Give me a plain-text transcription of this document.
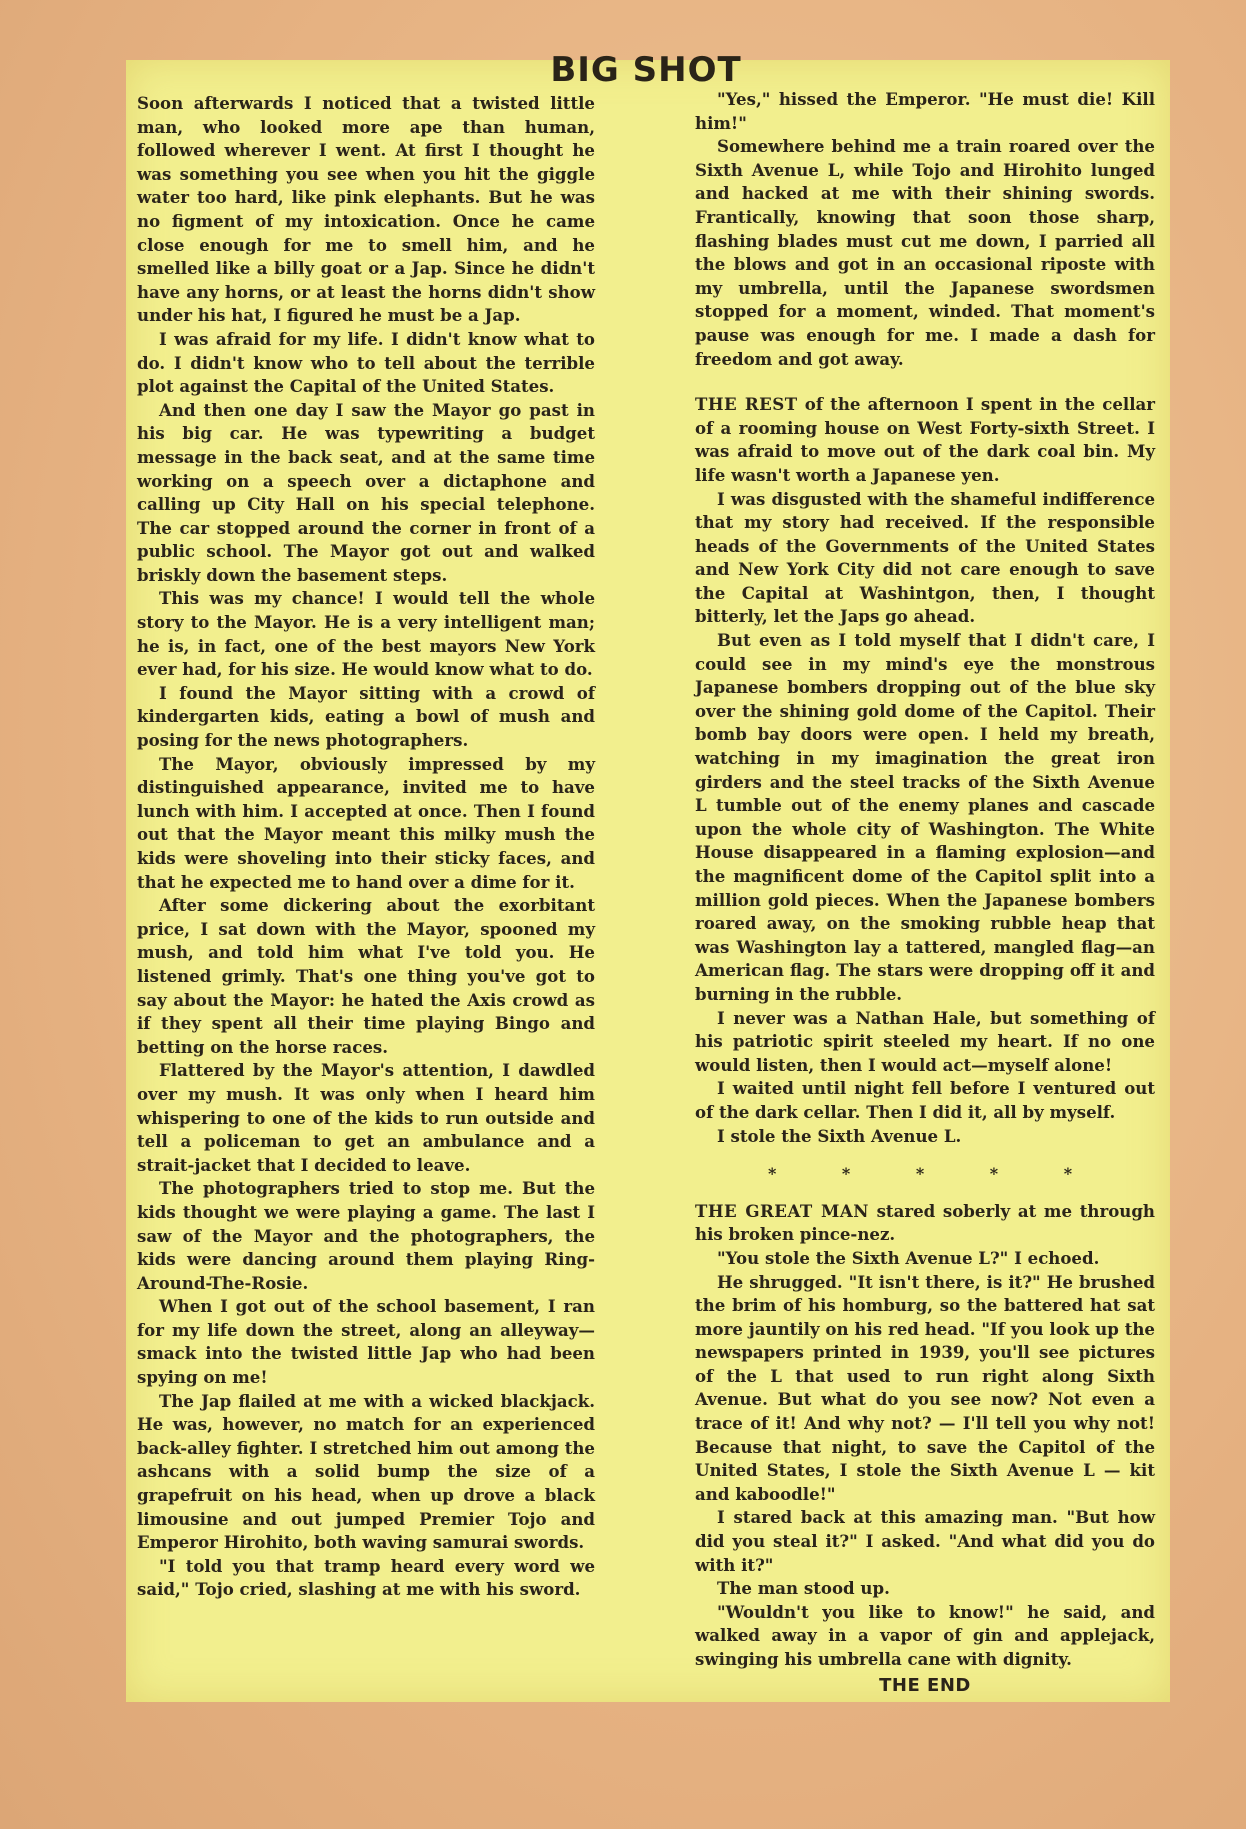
BIG SHOT

Soon afterwards I noticed that a twisted little man, who looked more ape than human, followed wherever I went. At first I thought he was something you see when you hit the giggle water too hard, like pink elephants. But he was no figment of my intoxication. Once he came close enough for me to smell him, and he smelled like a billy goat or a Jap. Since he didn't have any horns, or at least the horns didn't show under his hat, I figured he must be a Jap.

I was afraid for my life. I didn't know what to do. I didn't know who to tell about the terrible plot against the Capital of the United States.

And then one day I saw the Mayor go past in his big car. He was typewriting a budget message in the back seat, and at the same time working on a speech over a dictaphone and calling up City Hall on his special telephone. The car stopped around the corner in front of a public school. The Mayor got out and walked briskly down the basement steps.

This was my chance! I would tell the whole story to the Mayor. He is a very intelligent man; he is, in fact, one of the best mayors New York ever had, for his size. He would know what to do.

I found the Mayor sitting with a crowd of kindergarten kids, eating a bowl of mush and posing for the news photographers.

The Mayor, obviously impressed by my distinguished appearance, invited me to have lunch with him. I accepted at once. Then I found out that the Mayor meant this milky mush the kids were shoveling into their sticky faces, and that he expected me to hand over a dime for it.

After some dickering about the exorbitant price, I sat down with the Mayor, spooned my mush, and told him what I've told you. He listened grimly. That's one thing you've got to say about the Mayor: he hated the Axis crowd as if they spent all their time playing Bingo and betting on the horse races.

Flattered by the Mayor's attention, I dawdled over my mush. It was only when I heard him whispering to one of the kids to run outside and tell a policeman to get an ambulance and a strait-jacket that I decided to leave.

The photographers tried to stop me. But the kids thought we were playing a game. The last I saw of the Mayor and the photographers, the kids were dancing around them playing Ring-Around-The-Rosie.

When I got out of the school basement, I ran for my life down the street, along an alleyway—smack into the twisted little Jap who had been spying on me!

The Jap flailed at me with a wicked blackjack. He was, however, no match for an experienced back-alley fighter. I stretched him out among the ashcans with a solid bump the size of a grapefruit on his head, when up drove a black limousine and out jumped Premier Tojo and Emperor Hirohito, both waving samurai swords.

"I told you that tramp heard every word we said," Tojo cried, slashing at me with his sword.

"Yes," hissed the Emperor. "He must die! Kill him!"

Somewhere behind me a train roared over the Sixth Avenue L, while Tojo and Hirohito lunged and hacked at me with their shining swords. Frantically, knowing that soon those sharp, flashing blades must cut me down, I parried all the blows and got in an occasional riposte with my umbrella, until the Japanese swordsmen stopped for a moment, winded. That moment's pause was enough for me. I made a dash for freedom and got away.

THE REST of the afternoon I spent in the cellar of a rooming house on West Forty-sixth Street. I was afraid to move out of the dark coal bin. My life wasn't worth a Japanese yen.

I was disgusted with the shameful indifference that my story had received. If the responsible heads of the Governments of the United States and New York City did not care enough to save the Capital at Washintgon, then, I thought bitterly, let the Japs go ahead.

But even as I told myself that I didn't care, I could see in my mind's eye the monstrous Japanese bombers dropping out of the blue sky over the shining gold dome of the Capitol. Their bomb bay doors were open. I held my breath, watching in my imagination the great iron girders and the steel tracks of the Sixth Avenue L tumble out of the enemy planes and cascade upon the whole city of Washington. The White House disappeared in a flaming explosion—and the magnificent dome of the Capitol split into a million gold pieces. When the Japanese bombers roared away, on the smoking rubble heap that was Washington lay a tattered, mangled flag—an American flag. The stars were dropping off it and burning in the rubble.

I never was a Nathan Hale, but something of his patriotic spirit steeled my heart. If no one would listen, then I would act—myself alone!

I waited until night fell before I ventured out of the dark cellar. Then I did it, all by myself.

I stole the Sixth Avenue L.

* * * * *

THE GREAT MAN stared soberly at me through his broken pince-nez.

"You stole the Sixth Avenue L?" I echoed.

He shrugged. "It isn't there, is it?" He brushed the brim of his homburg, so the battered hat sat more jauntily on his red head. "If you look up the newspapers printed in 1939, you'll see pictures of the L that used to run right along Sixth Avenue. But what do you see now? Not even a trace of it! And why not? — I'll tell you why not! Because that night, to save the Capitol of the United States, I stole the Sixth Avenue L — kit and kaboodle!"

I stared back at this amazing man. "But how did you steal it?" I asked. "And what did you do with it?"

The man stood up.

"Wouldn't you like to know!" he said, and walked away in a vapor of gin and applejack, swinging his umbrella cane with dignity.

THE END
